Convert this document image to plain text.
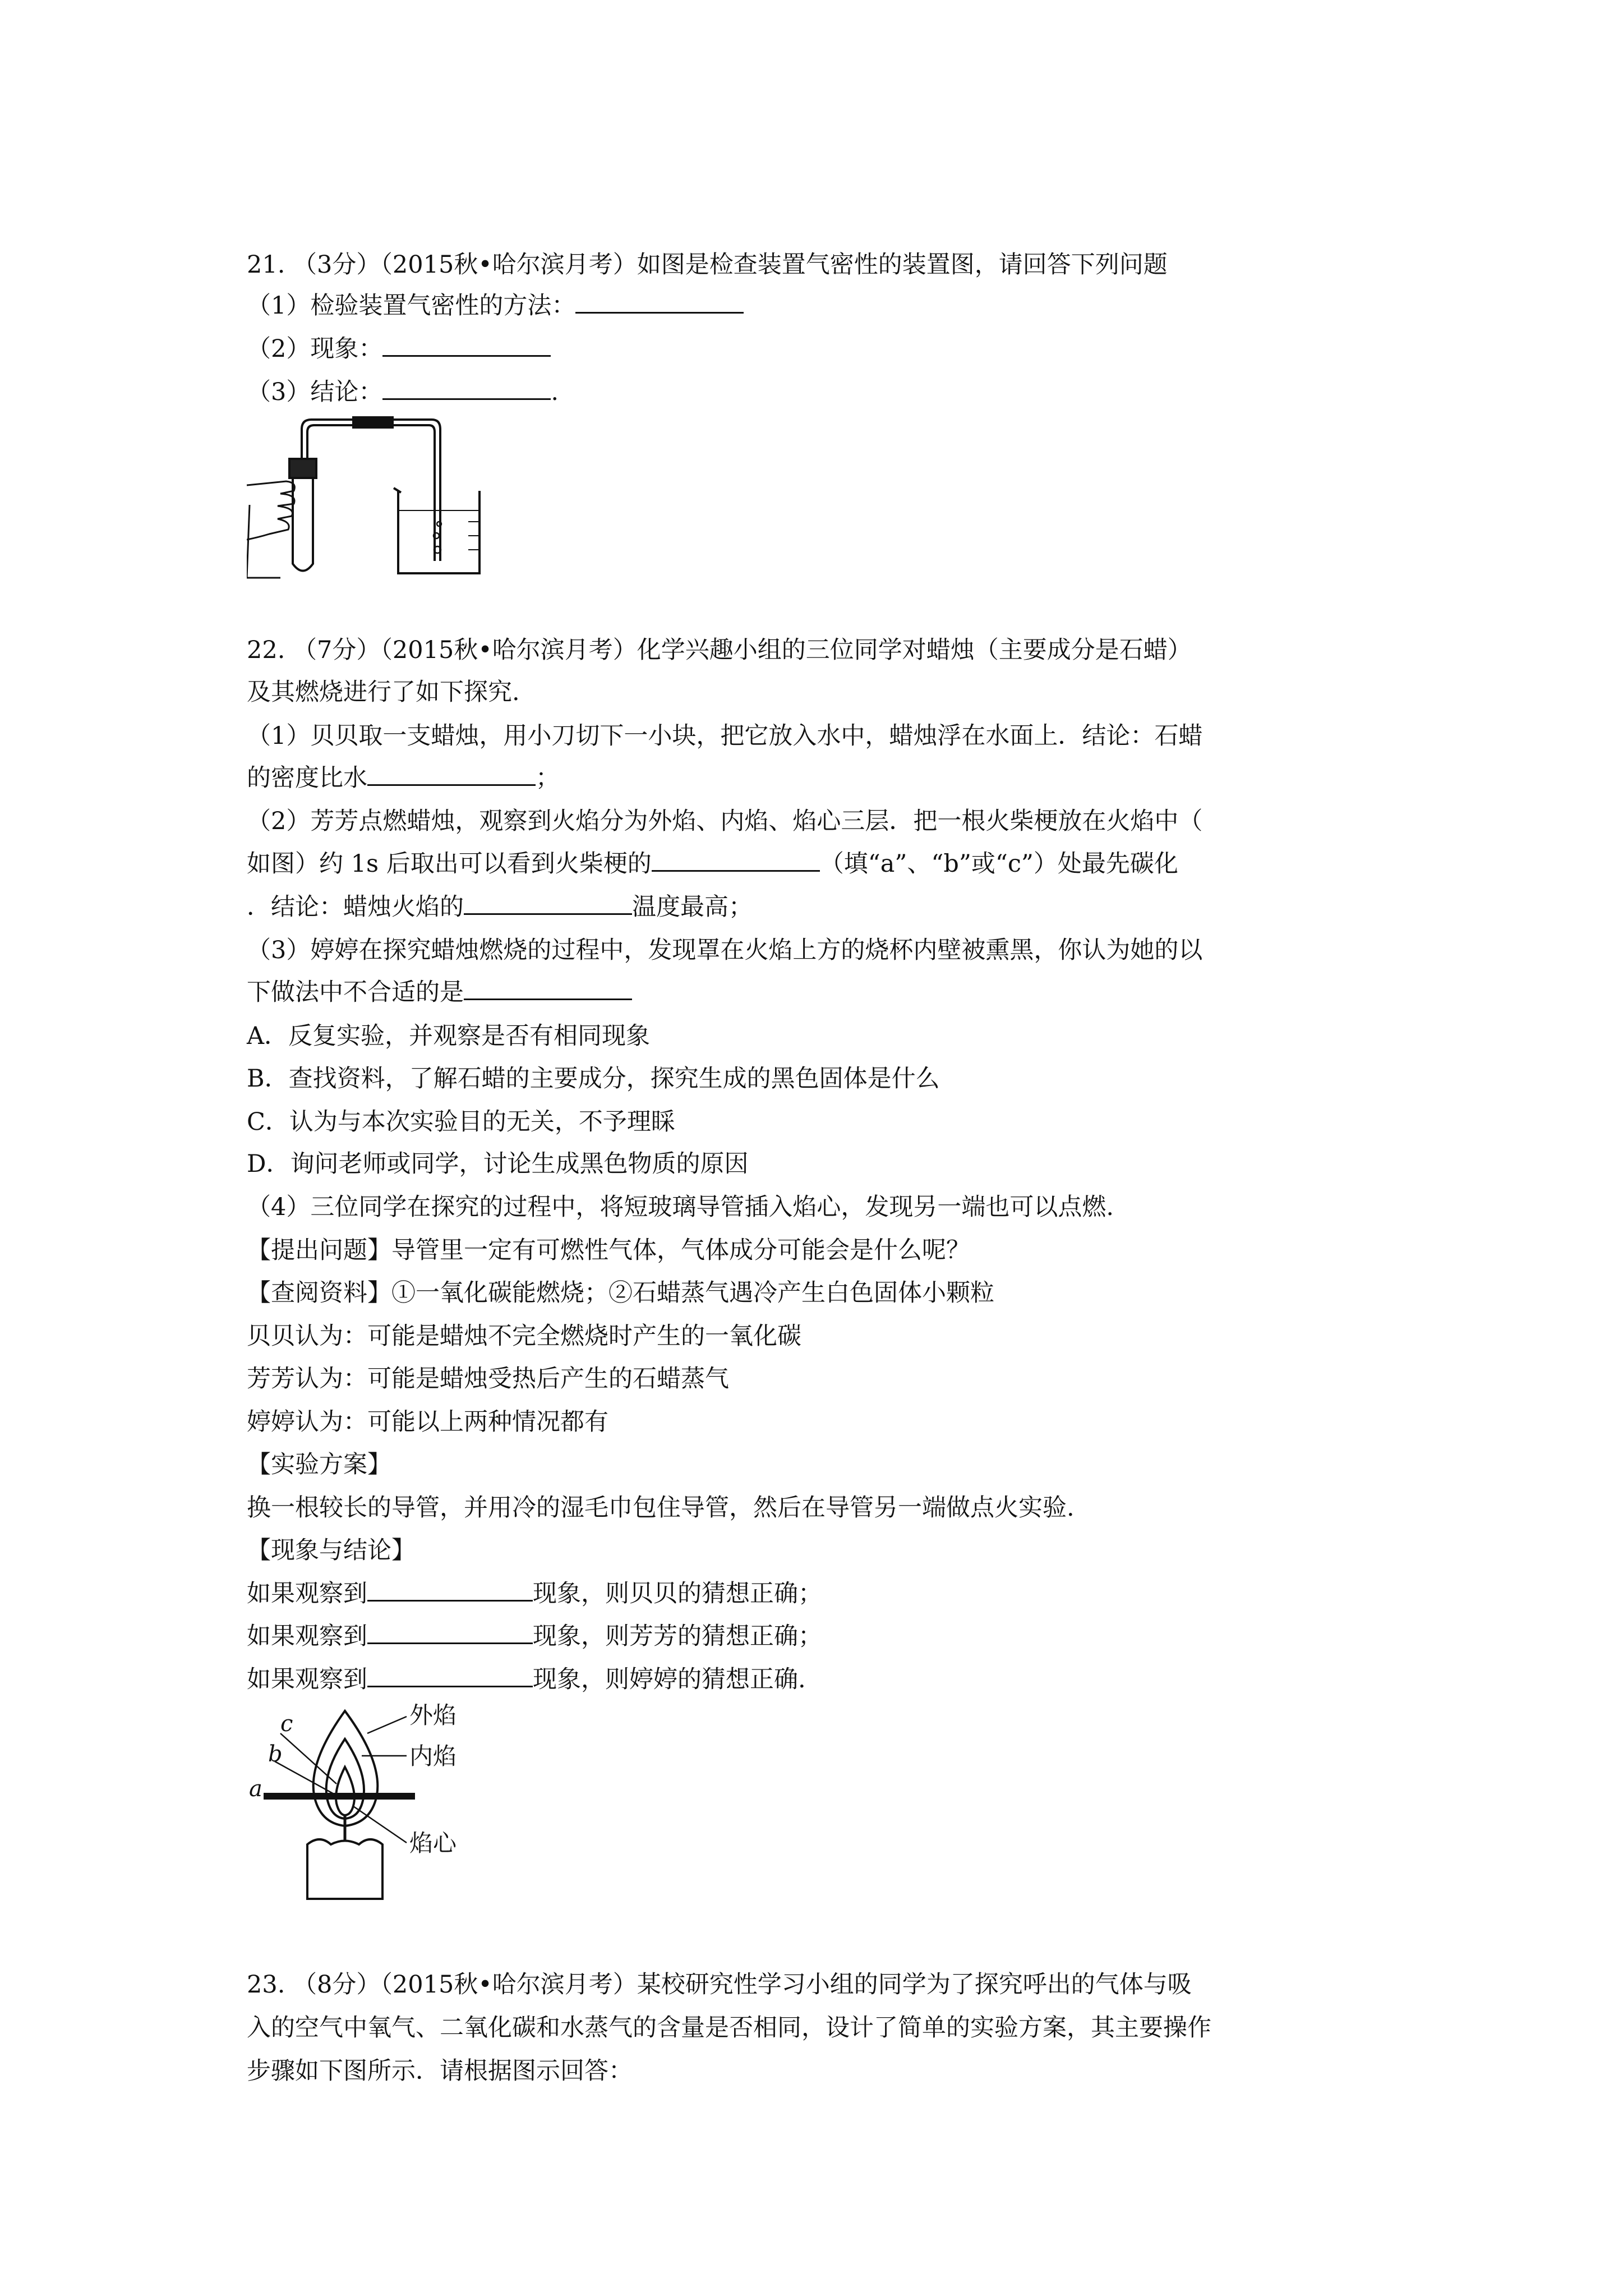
21. （3分）（2015秋•哈尔滨月考）如图是检查装置气密性的装置图，请回答下列问题
（1）检验装置气密性的方法：
（2）现象：
（3）结论：	.
22. （7分）（2015秋•哈尔滨月考）化学兴趣小组的三位同学对蜡烛（主要成分是石蜡）
及其燃烧进行了如下探究.
（1）贝贝取一支蜡烛，用小刀切下一小块，把它放入水中，蜡烛浮在水面上．结论：石蜡
的密度比水	；
（2）芳芳点燃蜡烛，观察到火焰分为外焰、内焰、焰心三层．把一根火柴梗放在火焰中（
如图）约 1s 后取出可以看到火柴梗的	（填“a”、“b”或“c”）处最先碳化
．结论：蜡烛火焰的	温度最高；
（3）婷婷在探究蜡烛燃烧的过程中，发现罩在火焰上方的烧杯内壁被熏黑，你认为她的以
下做法中不合适的是
A．反复实验，并观察是否有相同现象
B．查找资料，了解石蜡的主要成分，探究生成的黑色固体是什么
C．认为与本次实验目的无关，不予理睬
D．询问老师或同学，讨论生成黑色物质的原因
（4）三位同学在探究的过程中，将短玻璃导管插入焰心，发现另一端也可以点燃.
【提出问题】导管里一定有可燃性气体，气体成分可能会是什么呢？
【查阅资料】①一氧化碳能燃烧；②石蜡蒸气遇冷产生白色固体小颗粒
贝贝认为：可能是蜡烛不完全燃烧时产生的一氧化碳
芳芳认为：可能是蜡烛受热后产生的石蜡蒸气
婷婷认为：可能以上两种情况都有
【实验方案】
换一根较长的导管，并用冷的湿毛巾包住导管，然后在导管另一端做点火实验.
【现象与结论】
如果观察到	现象，则贝贝的猜想正确；
如果观察到	现象，则芳芳的猜想正确；
如果观察到	现象，则婷婷的猜想正确.
c
b
a
外焰
内焰
焰心
23. （8分）（2015秋•哈尔滨月考）某校研究性学习小组的同学为了探究呼出的气体与吸
入的空气中氧气、二氧化碳和水蒸气的含量是否相同，设计了简单的实验方案，其主要操作
步骤如下图所示．请根据图示回答：
